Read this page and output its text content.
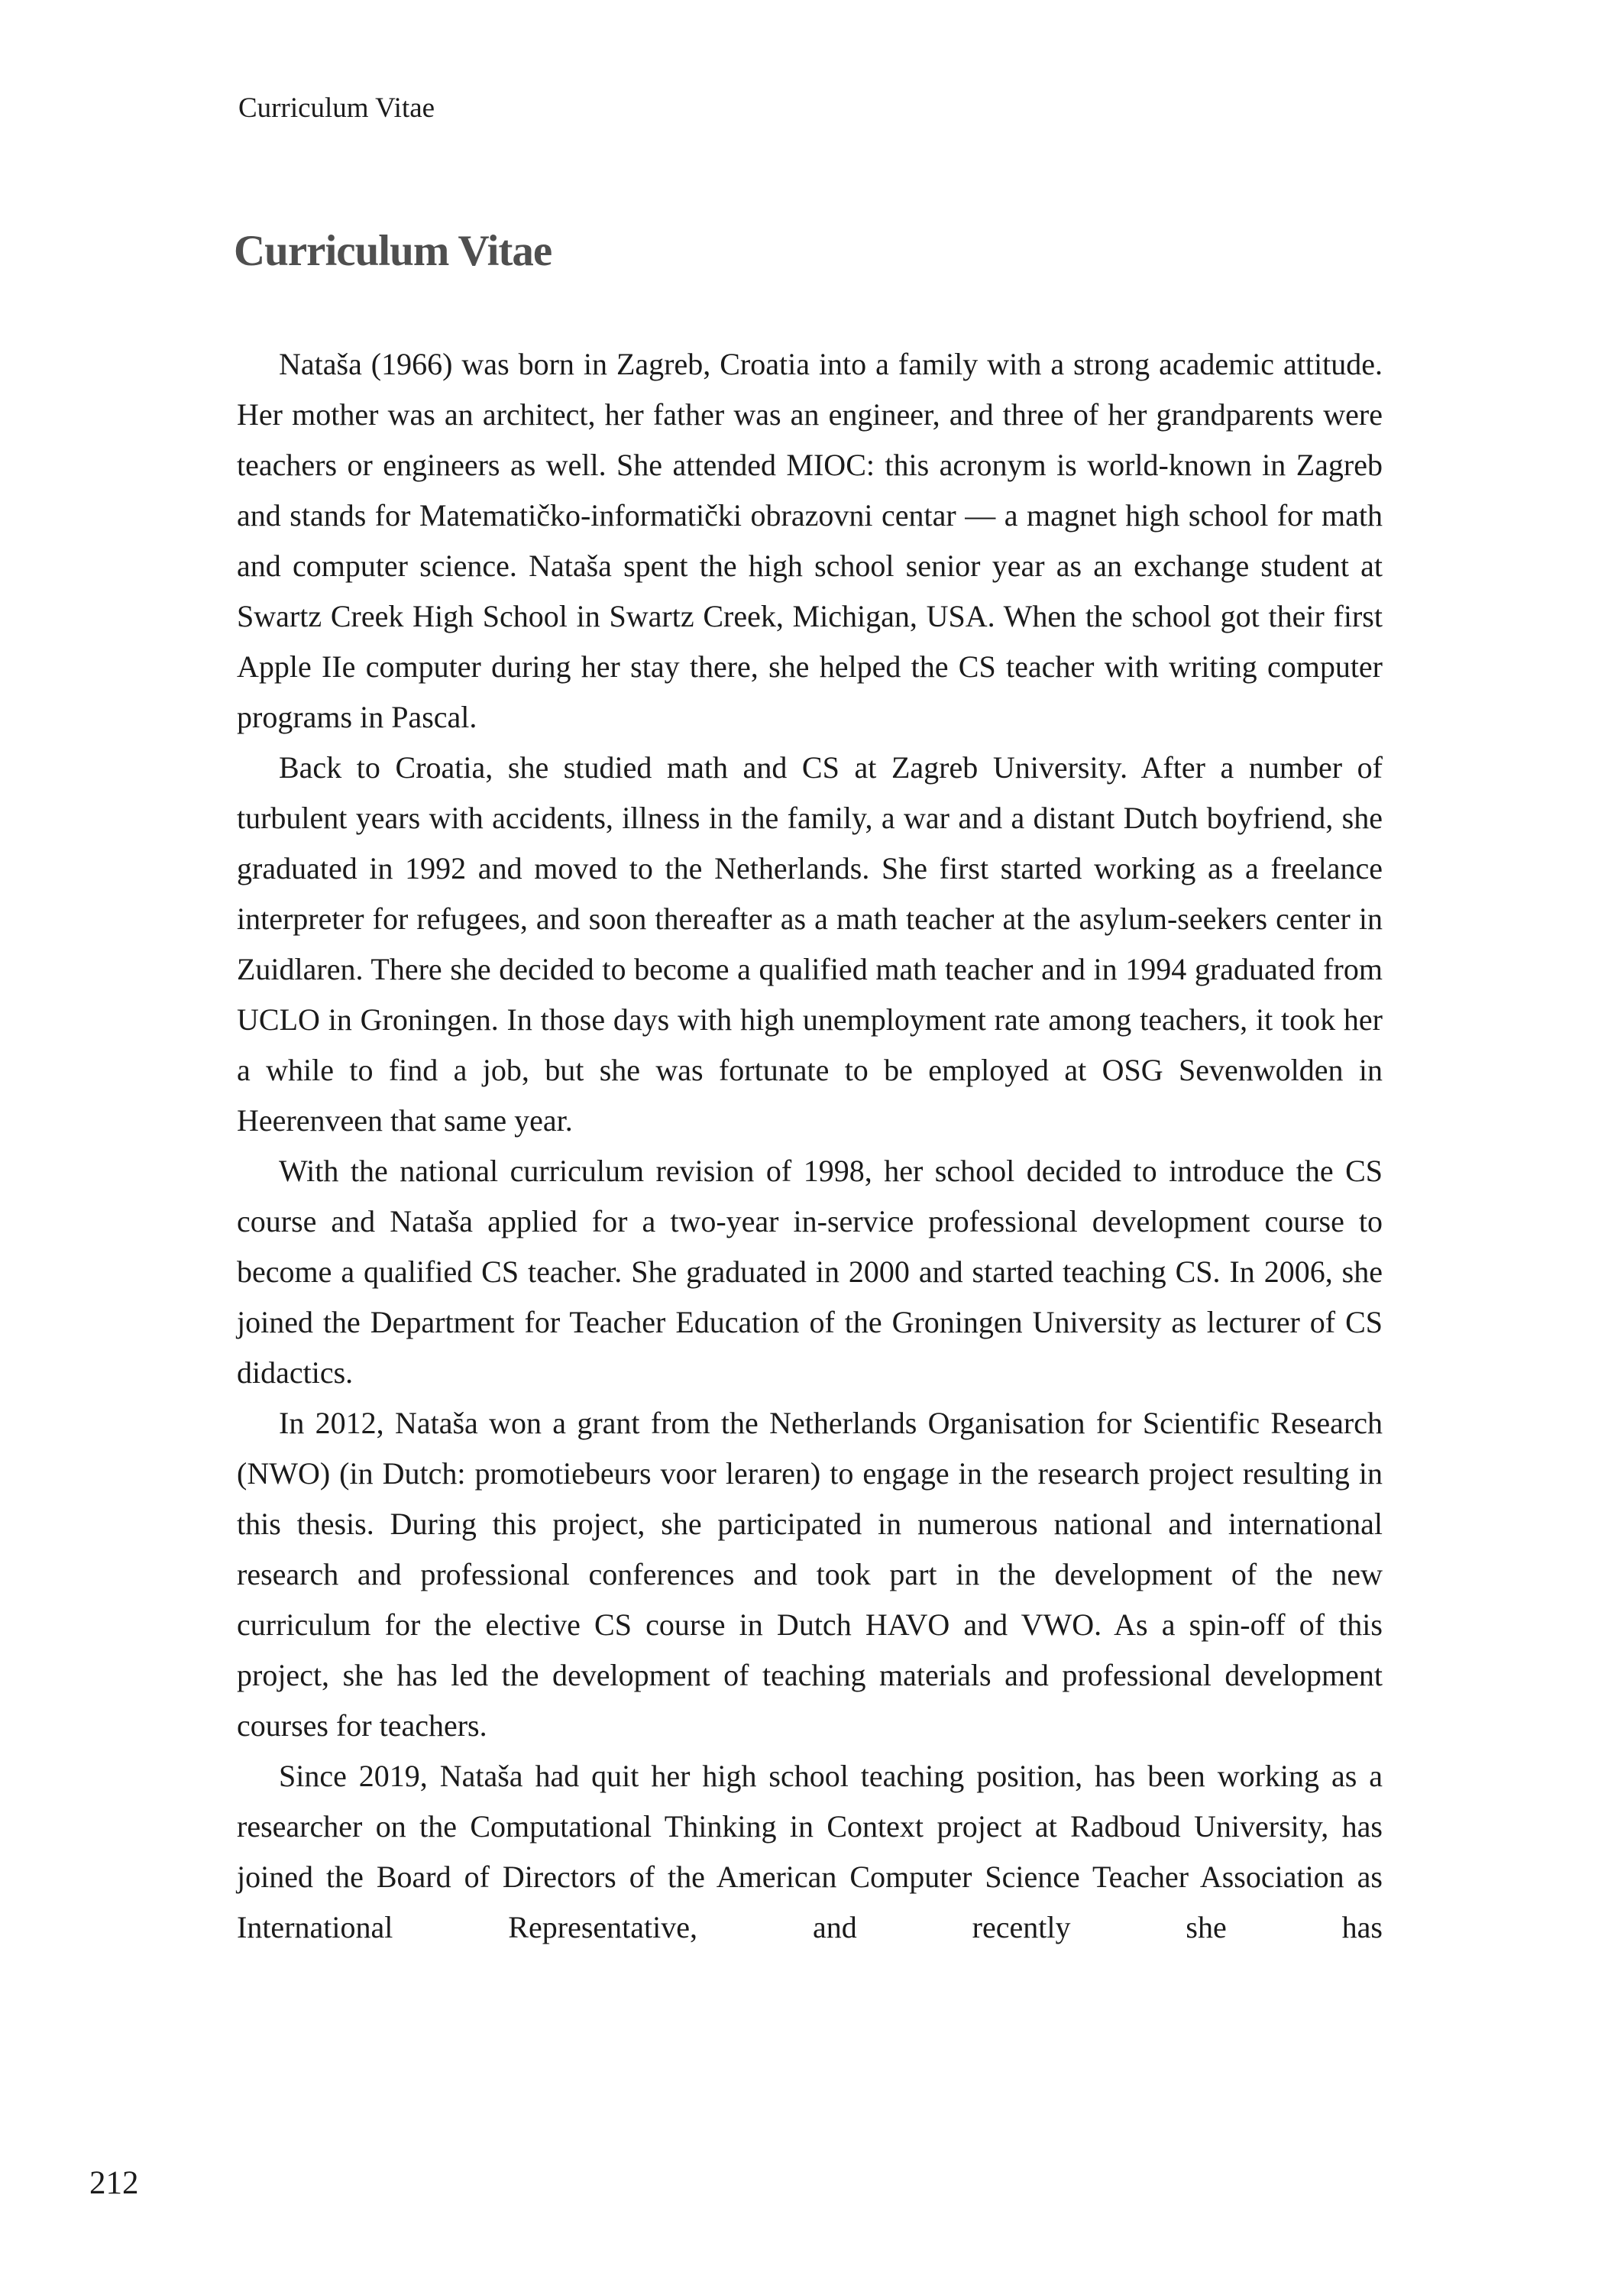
Curriculum Vitae
Curriculum Vitae

Nataša (1966) was born in Zagreb, Croatia into a family with a strong academic attitude. Her mother was an architect, her father was an engineer, and three of her grandparents were teachers or engineers as well. She attended MIOC: this acronym is world-known in Zagreb and stands for Matematičko-informatički obrazovni centar — a magnet high school for math and computer science. Nataša spent the high school senior year as an exchange student at Swartz Creek High School in Swartz Creek, Michigan, USA. When the school got their first Apple IIe computer during her stay there, she helped the CS teacher with writing computer programs in Pascal.

Back to Croatia, she studied math and CS at Zagreb University. After a number of turbulent years with accidents, illness in the family, a war and a distant Dutch boyfriend, she graduated in 1992 and moved to the Netherlands. She first started working as a freelance interpreter for refugees, and soon thereafter as a math teacher at the asylum-seekers center in Zuidlaren. There she decided to become a qualified math teacher and in 1994 graduated from UCLO in Groningen. In those days with high unemployment rate among teachers, it took her a while to find a job, but she was fortunate to be employed at OSG Sevenwolden in Heerenveen that same year.

With the national curriculum revision of 1998, her school decided to introduce the CS course and Nataša applied for a two-year in-service professional development course to become a qualified CS teacher. She graduated in 2000 and started teaching CS. In 2006, she joined the Department for Teacher Education of the Groningen University as lecturer of CS didactics.

In 2012, Nataša won a grant from the Netherlands Organisation for Scientific Research (NWO) (in Dutch: promotiebeurs voor leraren) to engage in the research project resulting in this thesis. During this project, she participated in numerous national and international research and professional conferences and took part in the development of the new curriculum for the elective CS course in Dutch HAVO and VWO. As a spin-off of this project, she has led the development of teaching materials and professional development courses for teachers.

Since 2019, Nataša had quit her high school teaching position, has been working as a researcher on the Computational Thinking in Context project at Radboud University, has joined the Board of Directors of the American Computer Science Teacher Association as International Representative, and recently she has

212
